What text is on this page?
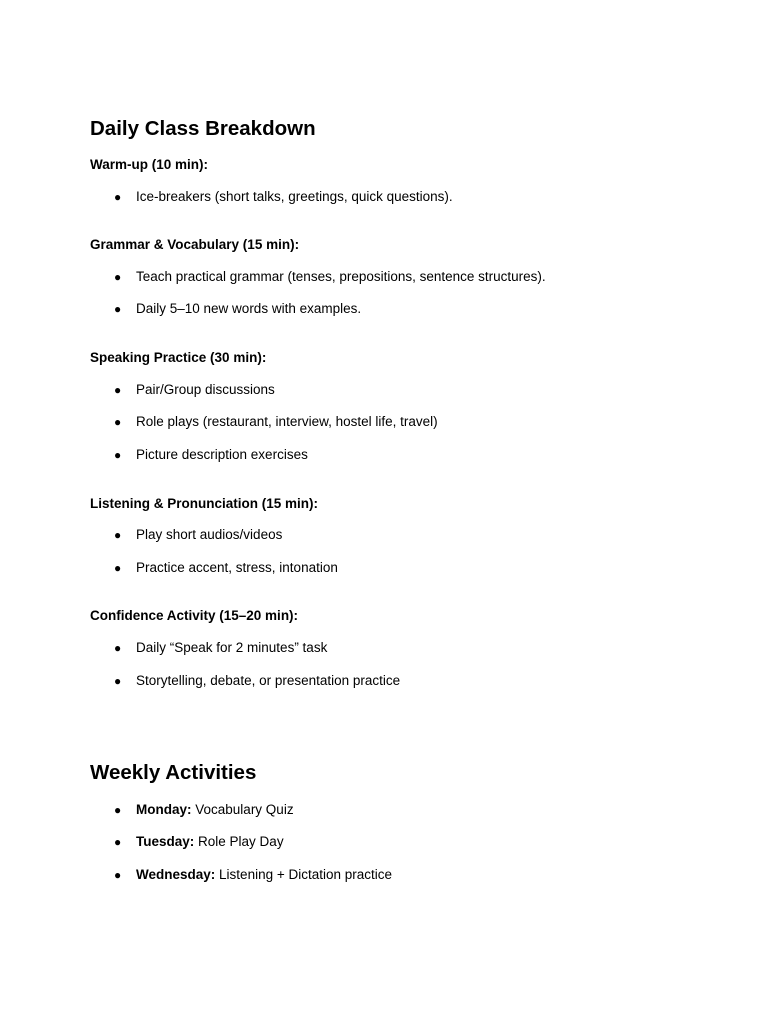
Daily Class Breakdown

Warm-up (10 min):

● Ice-breakers (short talks, greetings, quick questions).

Grammar & Vocabulary (15 min):

● Teach practical grammar (tenses, prepositions, sentence structures).

● Daily 5–10 new words with examples.

Speaking Practice (30 min):

● Pair/Group discussions

● Role plays (restaurant, interview, hostel life, travel)

● Picture description exercises

Listening & Pronunciation (15 min):

● Play short audios/videos

● Practice accent, stress, intonation

Confidence Activity (15–20 min):

● Daily “Speak for 2 minutes” task

● Storytelling, debate, or presentation practice

Weekly Activities
● Monday: Vocabulary Quiz

● Tuesday: Role Play Day

● Wednesday: Listening + Dictation practice
